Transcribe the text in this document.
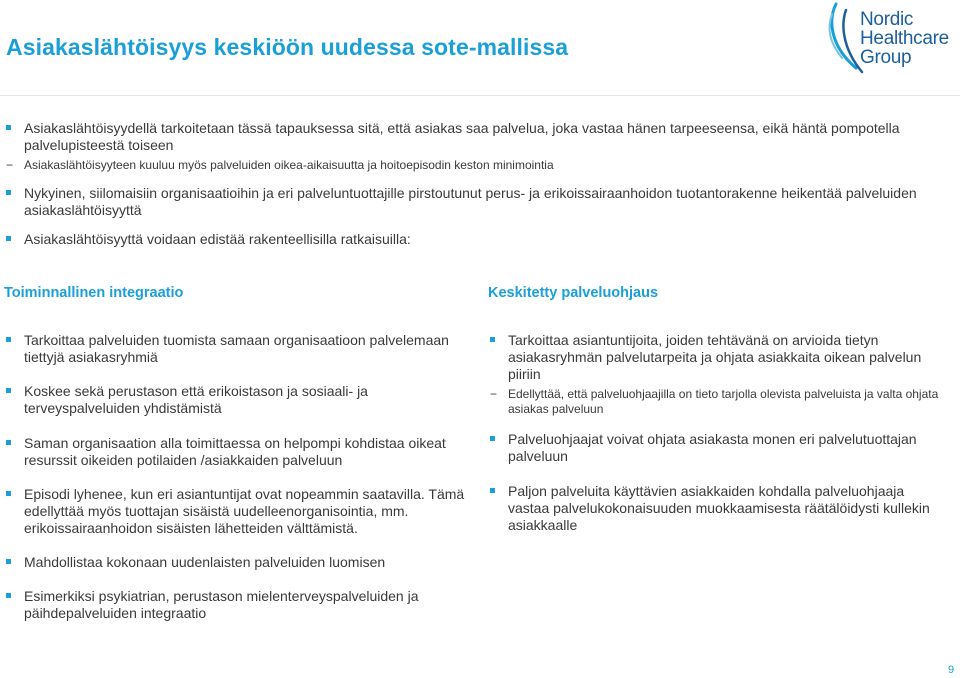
Asiakaslähtöisyys keskiöön uudessa sote-mallissa
Nordic
Healthcare
Group

Asiakaslähtöisyydellä tarkoitetaan tässä tapauksessa sitä, että asiakas saa palvelua, joka vastaa hänen tarpeeseensa, eikä häntä pompotella palvelupisteestä toiseen

− Asiakaslähtöisyyteen kuuluu myös palveluiden oikea-aikaisuutta ja hoitoepisodin keston minimointia

Nykyinen, siilomaisiin organisaatioihin ja eri palveluntuottajille pirstoutunut perus- ja erikoissairaanhoidon tuotantorakenne heikentää palveluiden asiakaslähtöisyyttä

Asiakaslähtöisyyttä voidaan edistää rakenteellisilla ratkaisuilla:

Toiminnallinen integraatio

Tarkoittaa palveluiden tuomista samaan organisaatioon palvelemaan tiettyjä asiakasryhmiä

Koskee sekä perustason että erikoistason ja sosiaali- ja terveyspalveluiden yhdistämistä

Saman organisaation alla toimittaessa on helpompi kohdistaa oikeat resurssit oikeiden potilaiden /asiakkaiden palveluun

Episodi lyhenee, kun eri asiantuntijat ovat nopeammin saatavilla. Tämä edellyttää myös tuottajan sisäistä uudelleenorganisointia, mm. erikoissairaanhoidon sisäisten lähetteiden välttämistä.

Mahdollistaa kokonaan uudenlaisten palveluiden luomisen

Esimerkiksi psykiatrian, perustason mielenterveyspalveluiden ja päihdepalveluiden integraatio

Keskitetty palveluohjaus

Tarkoittaa asiantuntijoita, joiden tehtävänä on arvioida tietyn asiakasryhmän palvelutarpeita ja ohjata asiakkaita oikean palvelun piiriin

− Edellyttää, että palveluohjaajilla on tieto tarjolla olevista palveluista ja valta ohjata asiakas palveluun

Palveluohjaajat voivat ohjata asiakasta monen eri palvelutuottajan palveluun

Paljon palveluita käyttävien asiakkaiden kohdalla palveluohjaaja vastaa palvelukokonaisuuden muokkaamisesta räätälöidysti kullekin asiakkaalle

9
